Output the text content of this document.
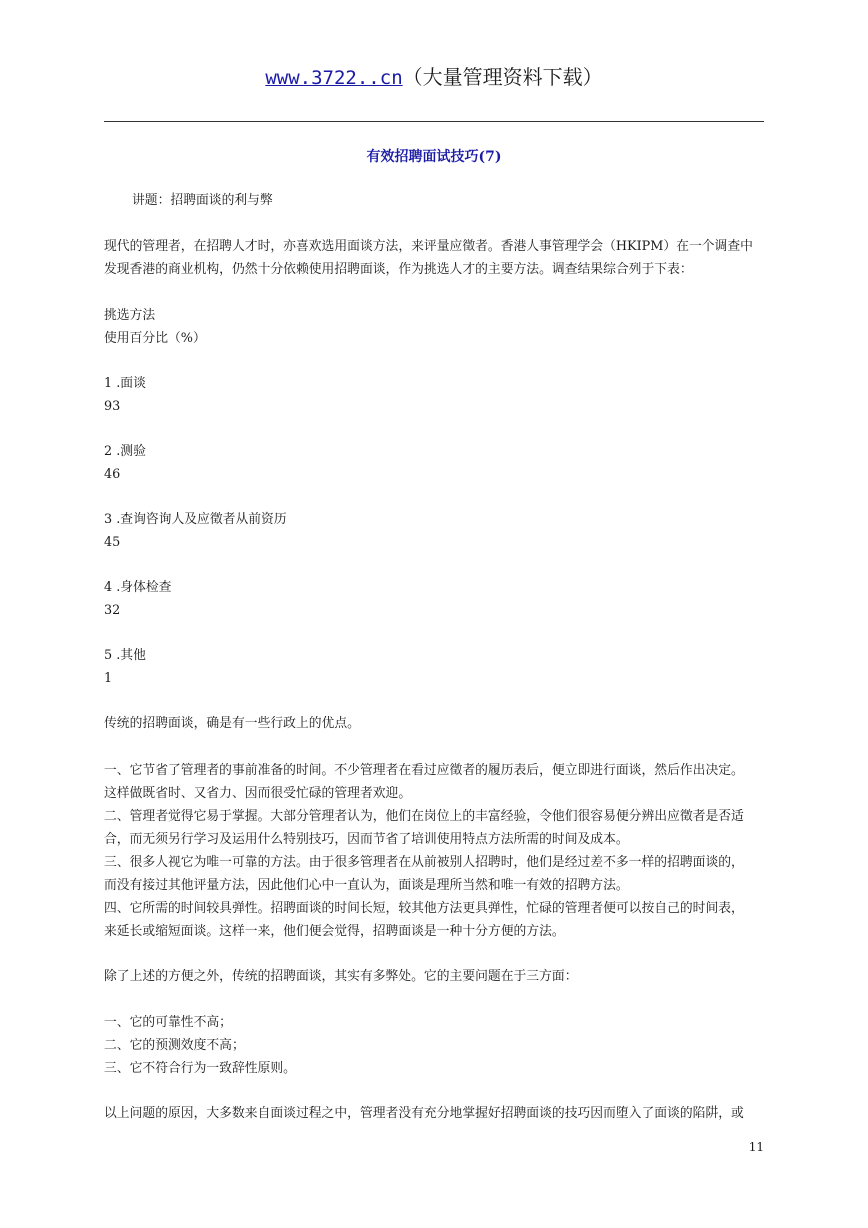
www.3722..cn（大量管理资料下载）
有效招聘面试技巧(7)
讲题：招聘面谈的利与弊
现代的管理者，在招聘人才时，亦喜欢选用面谈方法，来评量应徵者。香港人事管理学会（HKIPM）在一个调查中
发现香港的商业机构，仍然十分依赖使用招聘面谈，作为挑选人才的主要方法。调查结果综合列于下表：
挑选方法
使用百分比（%）
1 .面谈
93
2 .测验
46
3 .查询咨询人及应徵者从前资历
45
4 .身体检查
32
5 .其他
1
传统的招聘面谈，确是有一些行政上的优点。
一、它节省了管理者的事前准备的时间。不少管理者在看过应徵者的履历表后，便立即进行面谈，然后作出决定。
这样做既省时、又省力、因而很受忙碌的管理者欢迎。
二、管理者觉得它易于掌握。大部分管理者认为，他们在岗位上的丰富经验，令他们很容易便分辨出应徵者是否适
合，而无须另行学习及运用什么特别技巧，因而节省了培训使用特点方法所需的时间及成本。
三、很多人视它为唯一可靠的方法。由于很多管理者在从前被别人招聘时，他们是经过差不多一样的招聘面谈的，
而没有接过其他评量方法，因此他们心中一直认为，面谈是理所当然和唯一有效的招聘方法。
四、它所需的时间较具弹性。招聘面谈的时间长短，较其他方法更具弹性，忙碌的管理者便可以按自己的时间表，
来延长或缩短面谈。这样一来，他们便会觉得，招聘面谈是一种十分方便的方法。
除了上述的方便之外，传统的招聘面谈，其实有多弊处。它的主要问题在于三方面：
一、它的可靠性不高；
二、它的预测效度不高；
三、它不符合行为一致辞性原则。
以上问题的原因，大多数来自面谈过程之中，管理者没有充分地掌握好招聘面谈的技巧因而堕入了面谈的陷阱，或
11
